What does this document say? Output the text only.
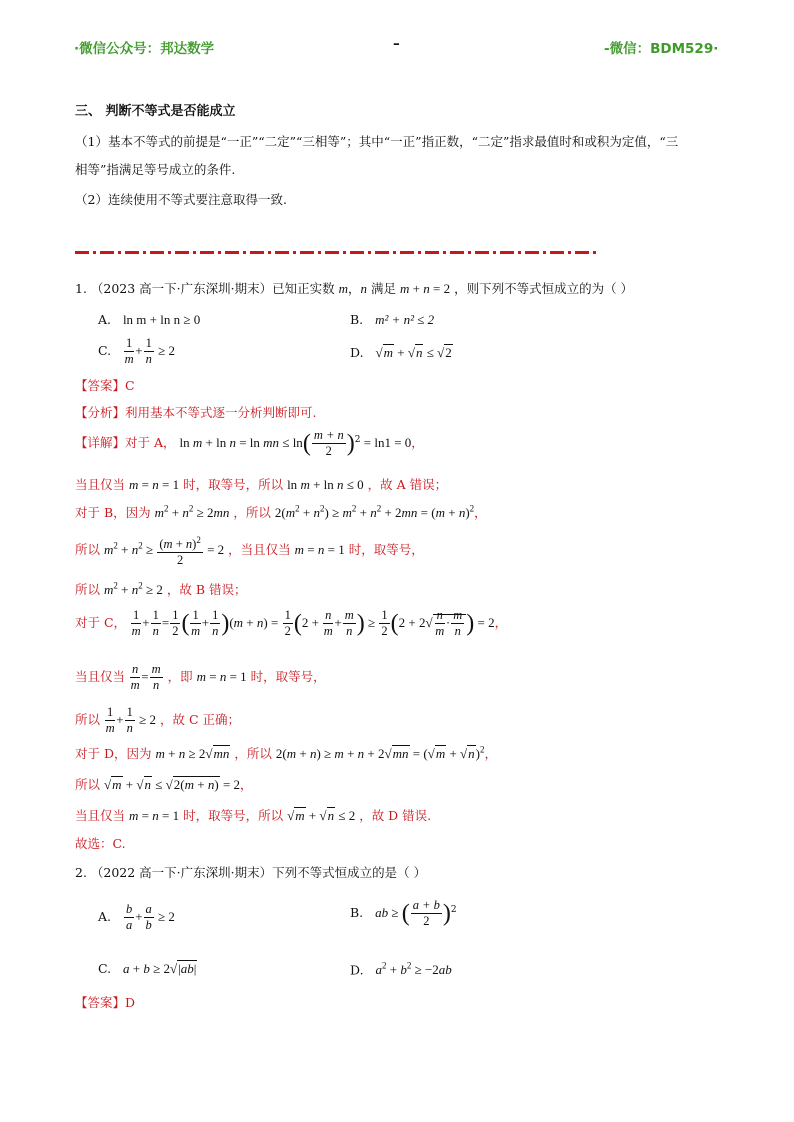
·微信公众号：邦达数学	–	-微信：BDM529·
三、 判断不等式是否能成立
（1）基本不等式的前提是“一正”“二定”“三相等”；其中“一正”指正数，“二定”指求最值时和或积为定值，“三
相等”指满足等号成立的条件.
（2）连续使用不等式要注意取得一致.
1. （2023 高一下·广东深圳·期末）已知正实数 m，n 满足 m + n = 2 ，则下列不等式恒成立的为（ ）
A. ln m + ln n ≥ 0	B. m² + n² ≤ 2
C. $\frac{1}{m} + \frac{1}{n} \ge 2$	D. √m + √n ≤ √2
【答案】C
【分析】利用基本不等式逐一分析判断即可.
【详解】对于 A， ln m + ln n = ln mn ≤ $\ln( \frac{m + n}{2} )^2 = \ln 1 = 0$，
当且仅当 m = n = 1 时，取等号，所以 ln m + ln n ≤ 0 ，故 A 错误；
对于 B，因为 $m^2 + n^2 \ge 2mn$ ，所以 $2(m^2 + n^2) \ge m^2 + n^2 + 2mn = (m + n)^2$，
所以 $m^2 + n^2 \ge \frac{(m + n)^2}{2} = 2$ ，当且仅当 m = n = 1 时，取等号，
所以 $m^2 + n^2 \ge 2$ ，故 B 错误；
对于 C， $\frac{1}{m} + \frac{1}{n} = \frac{1}{2}$ ( $\frac{1}{m} + \frac{1}{n} )(m + n) = \frac{1}{2} (2 + \frac{n}{m} + \frac{m}{n}$ ) ≥ $\frac{1}{2} (2 + 2√ \frac{n}{m} \cdot \frac{m}{n}$ ) = 2，
当且仅当 $\frac{n}{m} = \frac{m}{n}$ ，即 m = n = 1 时，取等号，
所以 $\frac{1}{m} + \frac{1}{n} \ge 2$ ，故 C 正确；
对于 D，因为 m + n ≥ 2√mn ，所以 $2(m + n) \ge m + n + 2√mn = (√m + √n)^2$，
所以 √m + √n ≤ √2(m + n) = 2，
当且仅当 m = n = 1 时，取等号，所以 √m + √n ≤ 2 ，故 D 错误.
故选：C.
2. （2022 高一下·广东深圳·期末）下列不等式恒成立的是（ ）
A. $\frac{b}{a} + \frac{a}{b} \ge 2$	B. ab ≥ ( $\frac{a + b}{2} )^2$
C. a + b ≥ 2√|ab|	D. $a^2 + b^2 \ge -2ab$
【答案】D
